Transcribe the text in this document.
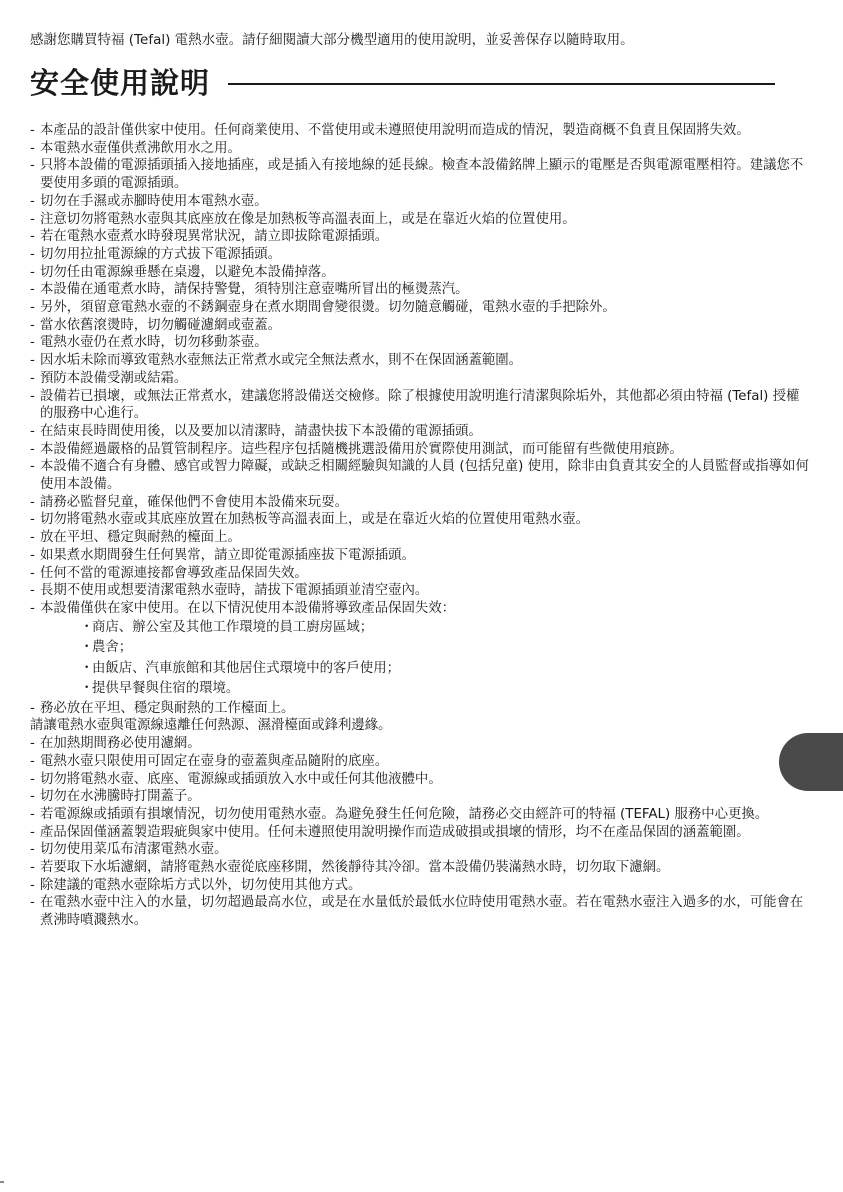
感謝您購買特福 (Tefal) 電熱水壺。請仔細閱讀大部分機型適用的使用說明，並妥善保存以隨時取用。
安全使用說明
- 本產品的設計僅供家中使用。任何商業使用、不當使用或未遵照使用說明而造成的情況，製造商概不負責且保固將失效。
- 本電熱水壺僅供煮沸飲用水之用。
- 只將本設備的電源插頭插入接地插座，或是插入有接地線的延長線。檢查本設備銘牌上顯示的電壓是否與電源電壓相符。建議您不要使用多頭的電源插頭。
- 切勿在手濕或赤腳時使用本電熱水壺。
- 注意切勿將電熱水壺與其底座放在像是加熱板等高溫表面上，或是在靠近火焰的位置使用。
- 若在電熱水壺煮水時發現異常狀況，請立即拔除電源插頭。
- 切勿用拉扯電源線的方式拔下電源插頭。
- 切勿任由電源線垂懸在桌邊，以避免本設備掉落。
- 本設備在通電煮水時，請保持警覺，須特別注意壺嘴所冒出的極燙蒸汽。
- 另外，須留意電熱水壺的不銹鋼壺身在煮水期間會變很燙。切勿隨意觸碰，電熱水壺的手把除外。
- 當水依舊滾燙時，切勿觸碰濾網或壺蓋。
- 電熱水壺仍在煮水時，切勿移動茶壺。
- 因水垢未除而導致電熱水壺無法正常煮水或完全無法煮水，則不在保固涵蓋範圍。
- 預防本設備受潮或結霜。
- 設備若已損壞，或無法正常煮水，建議您將設備送交檢修。除了根據使用說明進行清潔與除垢外，其他都必須由特福 (Tefal) 授權的服務中心進行。
- 在結束長時間使用後，以及要加以清潔時，請盡快拔下本設備的電源插頭。
- 本設備經過嚴格的品質管制程序。這些程序包括隨機挑選設備用於實際使用測試，而可能留有些微使用痕跡。
- 本設備不適合有身體、感官或智力障礙，或缺乏相關經驗與知識的人員 (包括兒童) 使用，除非由負責其安全的人員監督或指導如何使用本設備。
- 請務必監督兒童，確保他們不會使用本設備來玩耍。
- 切勿將電熱水壺或其底座放置在加熱板等高溫表面上，或是在靠近火焰的位置使用電熱水壺。
- 放在平坦、穩定與耐熱的檯面上。
- 如果煮水期間發生任何異常，請立即從電源插座拔下電源插頭。
- 任何不當的電源連接都會導致產品保固失效。
- 長期不使用或想要清潔電熱水壺時，請拔下電源插頭並清空壺內。
- 本設備僅供在家中使用。在以下情況使用本設備將導致產品保固失效：
・ 商店、辦公室及其他工作環境的員工廚房區域；
・ 農舍；
・ 由飯店、汽車旅館和其他居住式環境中的客戶使用；
・ 提供早餐與住宿的環境。
- 務必放在平坦、穩定與耐熱的工作檯面上。
請讓電熱水壺與電源線遠離任何熱源、濕滑檯面或鋒利邊緣。
- 在加熱期間務必使用濾網。
- 電熱水壺只限使用可固定在壺身的壺蓋與產品隨附的底座。
- 切勿將電熱水壺、底座、電源線或插頭放入水中或任何其他液體中。
- 切勿在水沸騰時打開蓋子。
- 若電源線或插頭有損壞情況，切勿使用電熱水壺。為避免發生任何危險，請務必交由經許可的特福 (TEFAL) 服務中心更換。
- 產品保固僅涵蓋製造瑕疵與家中使用。任何未遵照使用說明操作而造成破損或損壞的情形，均不在產品保固的涵蓋範圍。
- 切勿使用菜瓜布清潔電熱水壺。
- 若要取下水垢濾網，請將電熱水壺從底座移開，然後靜待其冷卻。當本設備仍裝滿熱水時，切勿取下濾網。
- 除建議的電熱水壺除垢方式以外，切勿使用其他方式。
- 在電熱水壺中注入的水量，切勿超過最高水位，或是在水量低於最低水位時使用電熱水壺。若在電熱水壺注入過多的水，可能會在煮沸時噴濺熱水。
